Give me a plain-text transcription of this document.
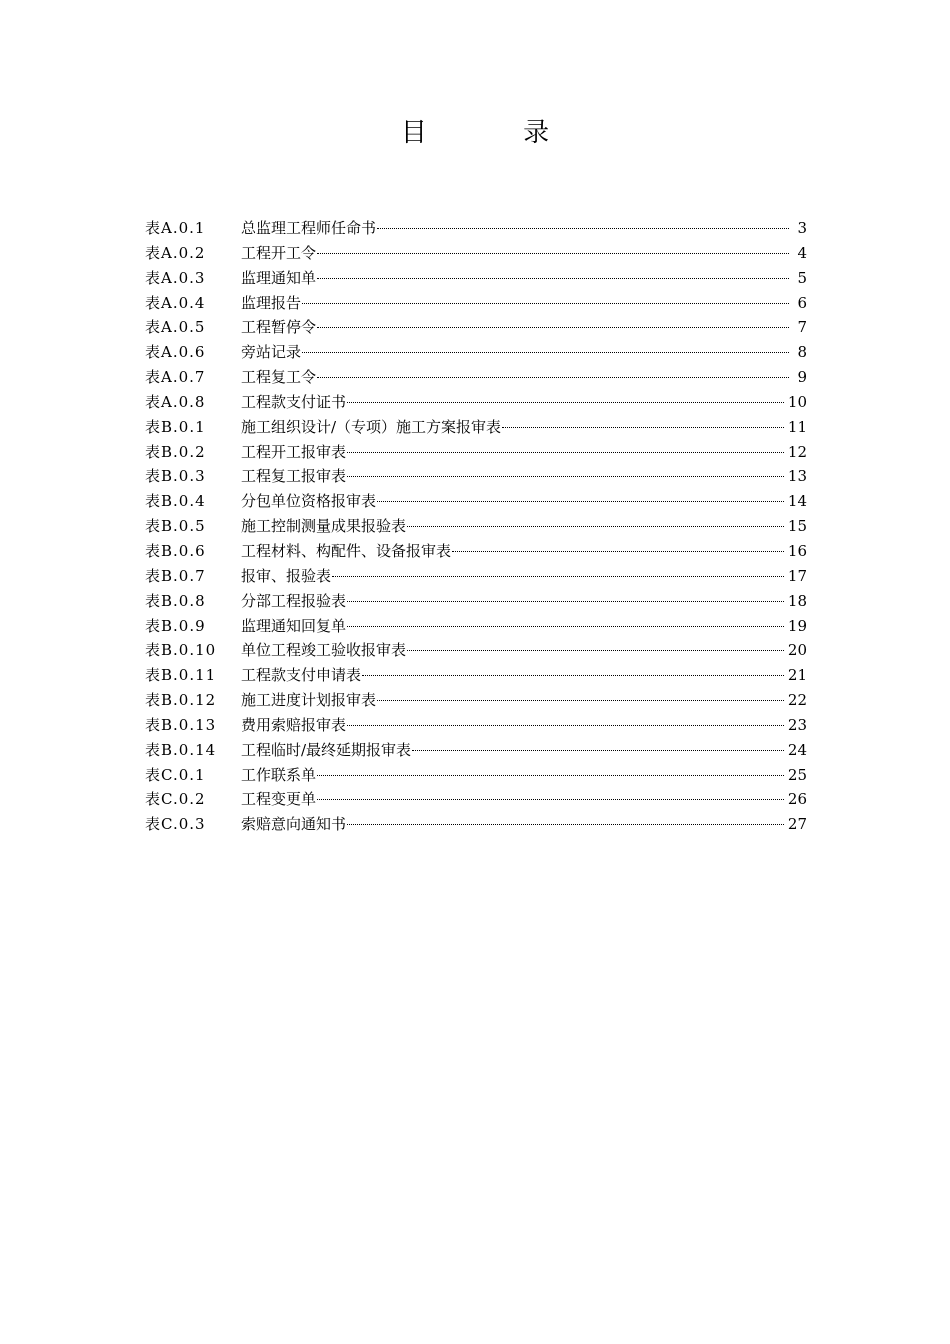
目 录
表A.0.1	总监理工程师任命书	3
表A.0.2	工程开工令	4
表A.0.3	监理通知单	5
表A.0.4	监理报告	6
表A.0.5	工程暂停令	7
表A.0.6	旁站记录	8
表A.0.7	工程复工令	9
表A.0.8	工程款支付证书	10
表B.0.1	施工组织设计/（专项）施工方案报审表	11
表B.0.2	工程开工报审表	12
表B.0.3	工程复工报审表	13
表B.0.4	分包单位资格报审表	14
表B.0.5	施工控制测量成果报验表	15
表B.0.6	工程材料、构配件、设备报审表	16
表B.0.7	报审、报验表	17
表B.0.8	分部工程报验表	18
表B.0.9	监理通知回复单	19
表B.0.10	单位工程竣工验收报审表	20
表B.0.11	工程款支付申请表	21
表B.0.12	施工进度计划报审表	22
表B.0.13	费用索赔报审表	23
表B.0.14	工程临时/最终延期报审表	24
表C.0.1	工作联系单	25
表C.0.2	工程变更单	26
表C.0.3	索赔意向通知书	27
